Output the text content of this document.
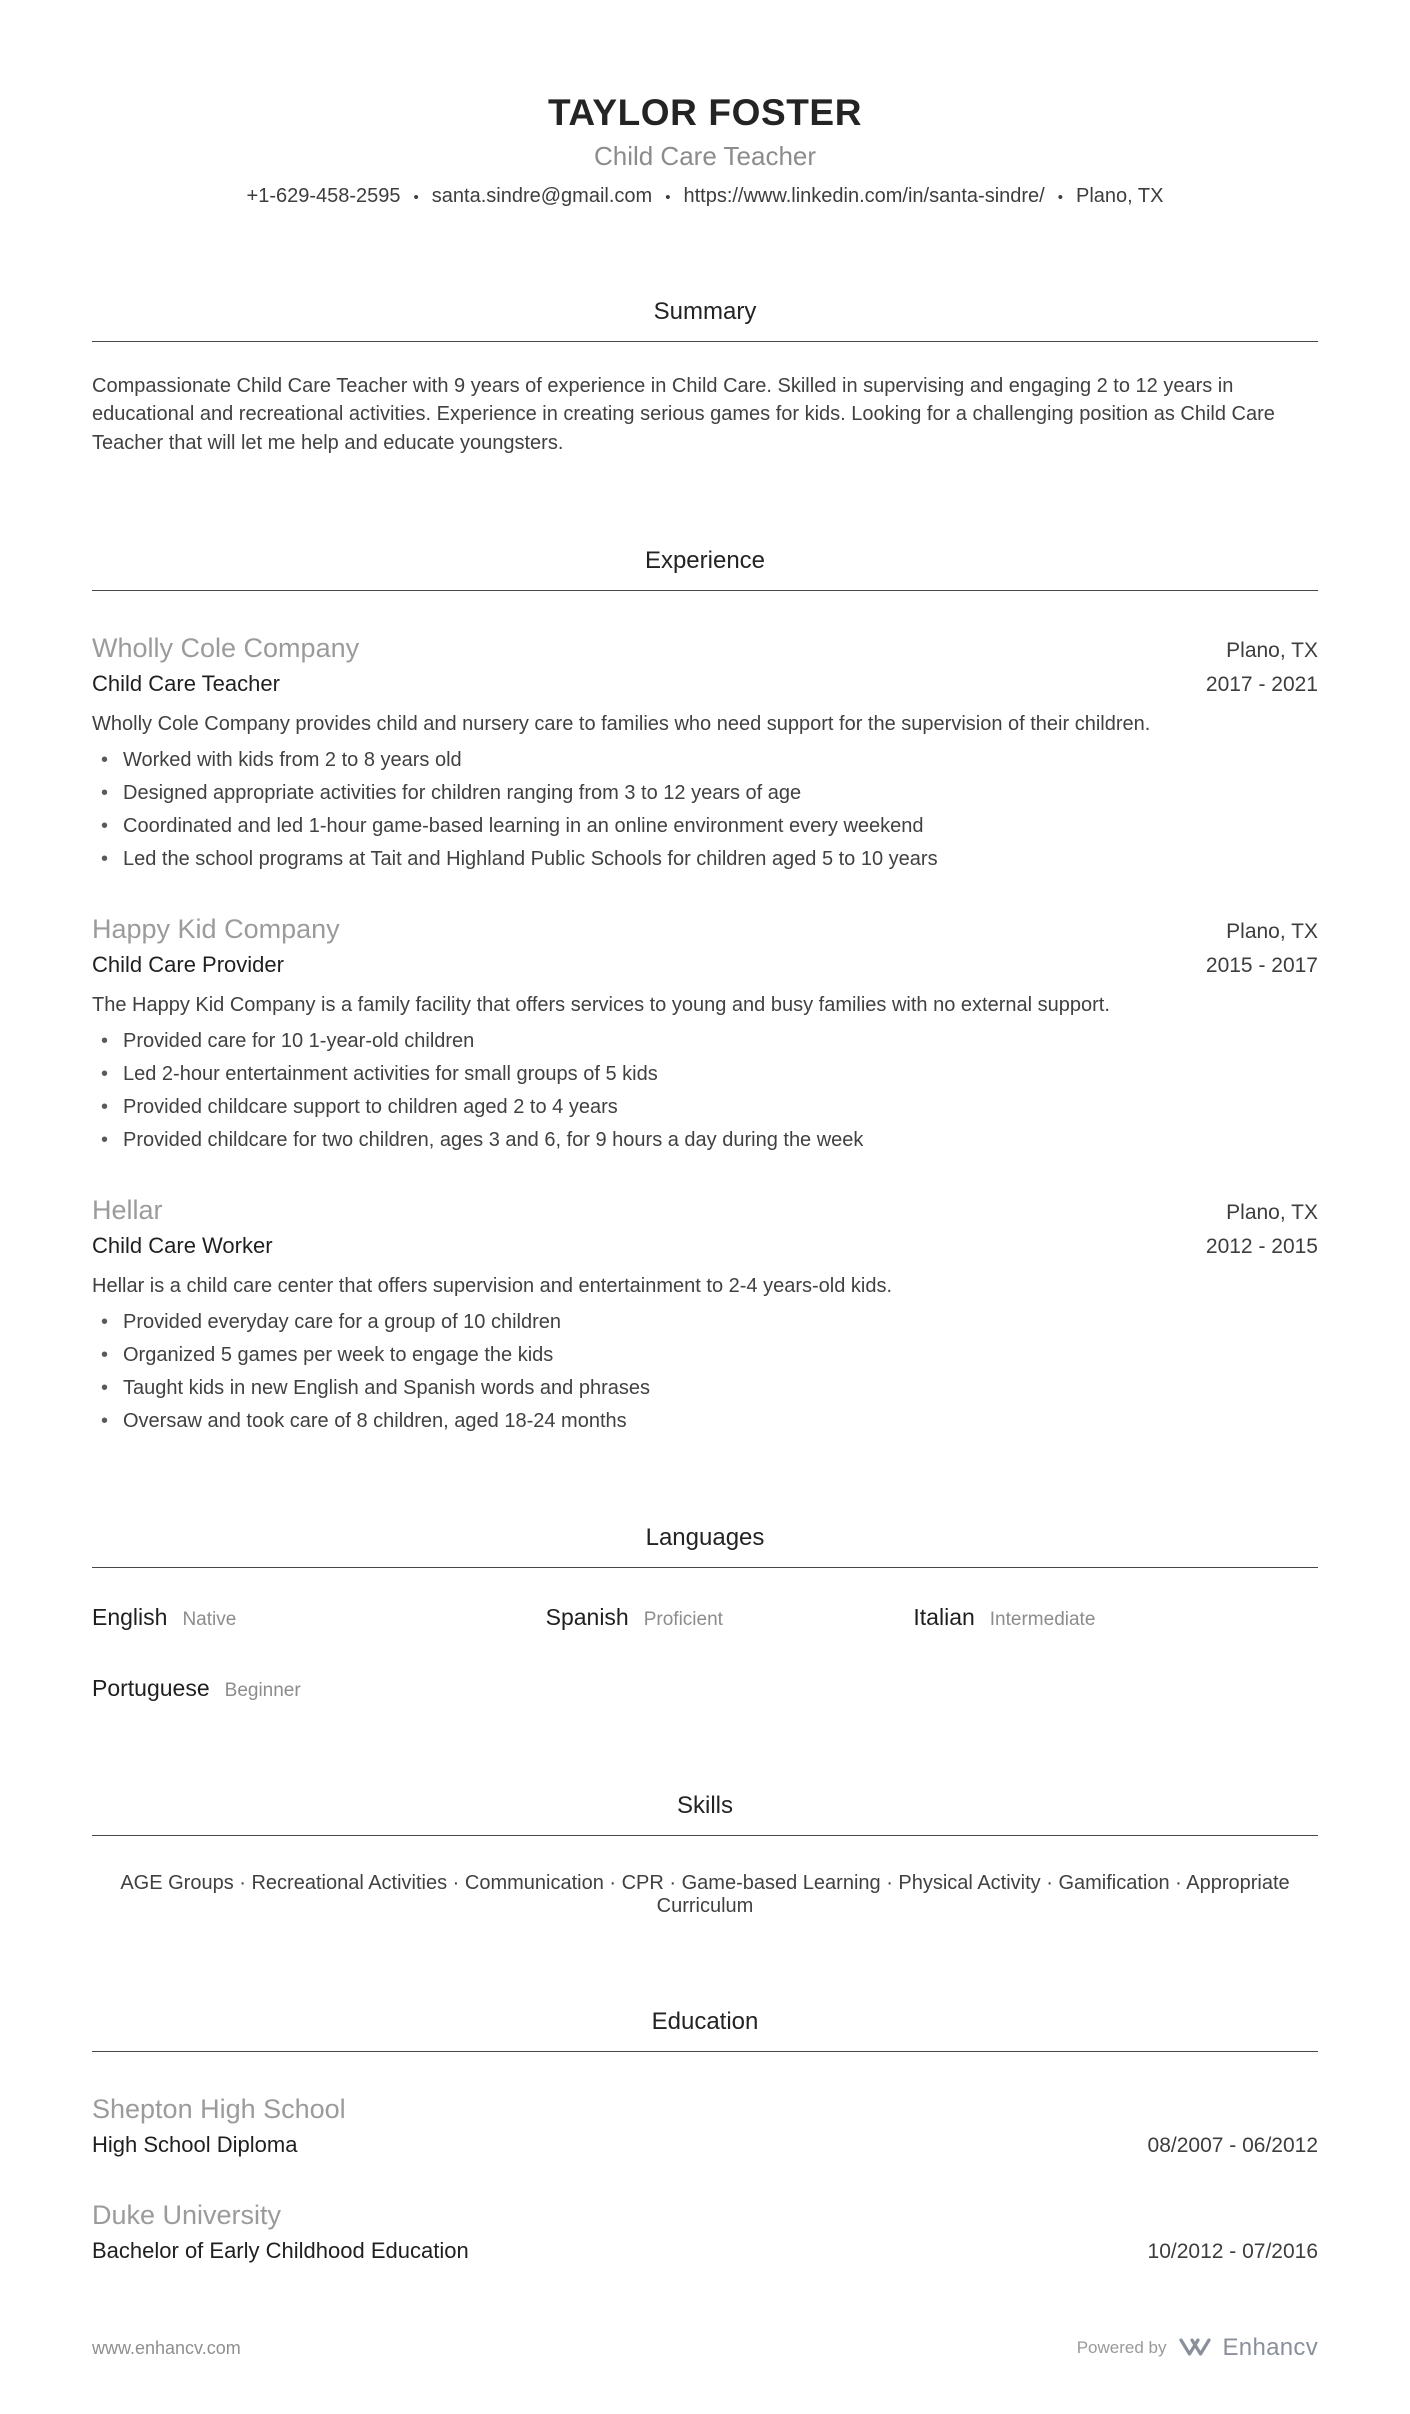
TAYLOR FOSTER
Child Care Teacher
+1-629-458-2595 • santa.sindre@gmail.com • https://www.linkedin.com/in/santa-sindre/ • Plano, TX
Summary
Compassionate Child Care Teacher with 9 years of experience in Child Care. Skilled in supervising and engaging 2 to 12 years in educational and recreational activities. Experience in creating serious games for kids. Looking for a challenging position as Child Care Teacher that will let me help and educate youngsters.
Experience
Wholly Cole Company	Plano, TX
Child Care Teacher	2017 - 2021
Wholly Cole Company provides child and nursery care to families who need support for the supervision of their children.
• Worked with kids from 2 to 8 years old
• Designed appropriate activities for children ranging from 3 to 12 years of age
• Coordinated and led 1-hour game-based learning in an online environment every weekend
• Led the school programs at Tait and Highland Public Schools for children aged 5 to 10 years
Happy Kid Company	Plano, TX
Child Care Provider	2015 - 2017
The Happy Kid Company is a family facility that offers services to young and busy families with no external support.
• Provided care for 10 1-year-old children
• Led 2-hour entertainment activities for small groups of 5 kids
• Provided childcare support to children aged 2 to 4 years
• Provided childcare for two children, ages 3 and 6, for 9 hours a day during the week
Hellar	Plano, TX
Child Care Worker	2012 - 2015
Hellar is a child care center that offers supervision and entertainment to 2-4 years-old kids.
• Provided everyday care for a group of 10 children
• Organized 5 games per week to engage the kids
• Taught kids in new English and Spanish words and phrases
• Oversaw and took care of 8 children, aged 18-24 months
Languages
English Native	Spanish Proficient	Italian Intermediate
Portuguese Beginner
Skills
AGE Groups · Recreational Activities · Communication · CPR · Game-based Learning · Physical Activity · Gamification · Appropriate Curriculum
Education
Shepton High School
High School Diploma	08/2007 - 06/2012
Duke University
Bachelor of Early Childhood Education	10/2012 - 07/2016
www.enhancv.com	Powered by Enhancv
